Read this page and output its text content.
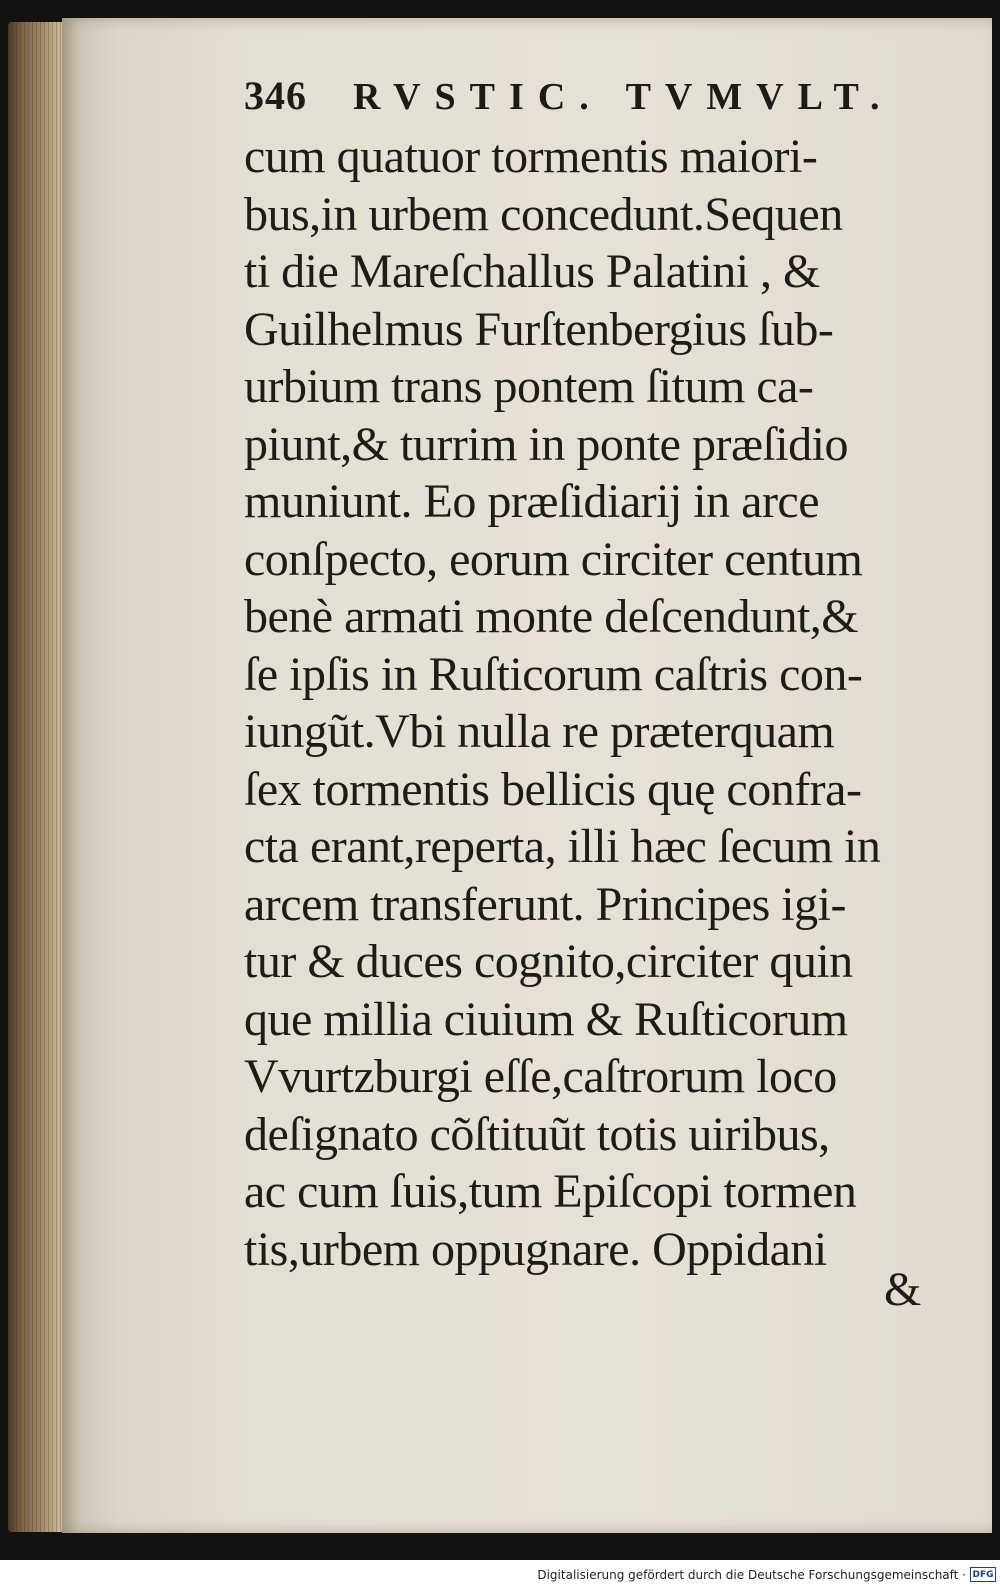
346 RVSTIC. TVMVLT.
cum quatuor tormentis maiori-
bus,in urbem concedunt.Sequen
ti die Mareſchallus Palatini , &
Guilhelmus Furſtenbergius ſub-
urbium trans pontem ſitum ca-
piunt,& turrim in ponte præſidio
muniunt. Eo præſidiarij in arce
conſpecto, eorum circiter centum
benè armati monte deſcendunt,&
ſe ipſis in Ruſticorum caſtris con-
iungũt.Vbi nulla re præterquam
ſex tormentis bellicis quę confra-
cta erant,reperta, illi hæc ſecum in
arcem transferunt. Principes igi-
tur & duces cognito,circiter quin
que millia ciuium & Ruſticorum
Vvurtzburgi eſſe,caſtrorum loco
deſignato cõſtituũt totis uiribus,
ac cum ſuis,tum Epiſcopi tormen
tis,urbem oppugnare. Oppidani
&
Digitalisierung gefördert durch die Deutsche Forschungsgemeinschaft · DFG
